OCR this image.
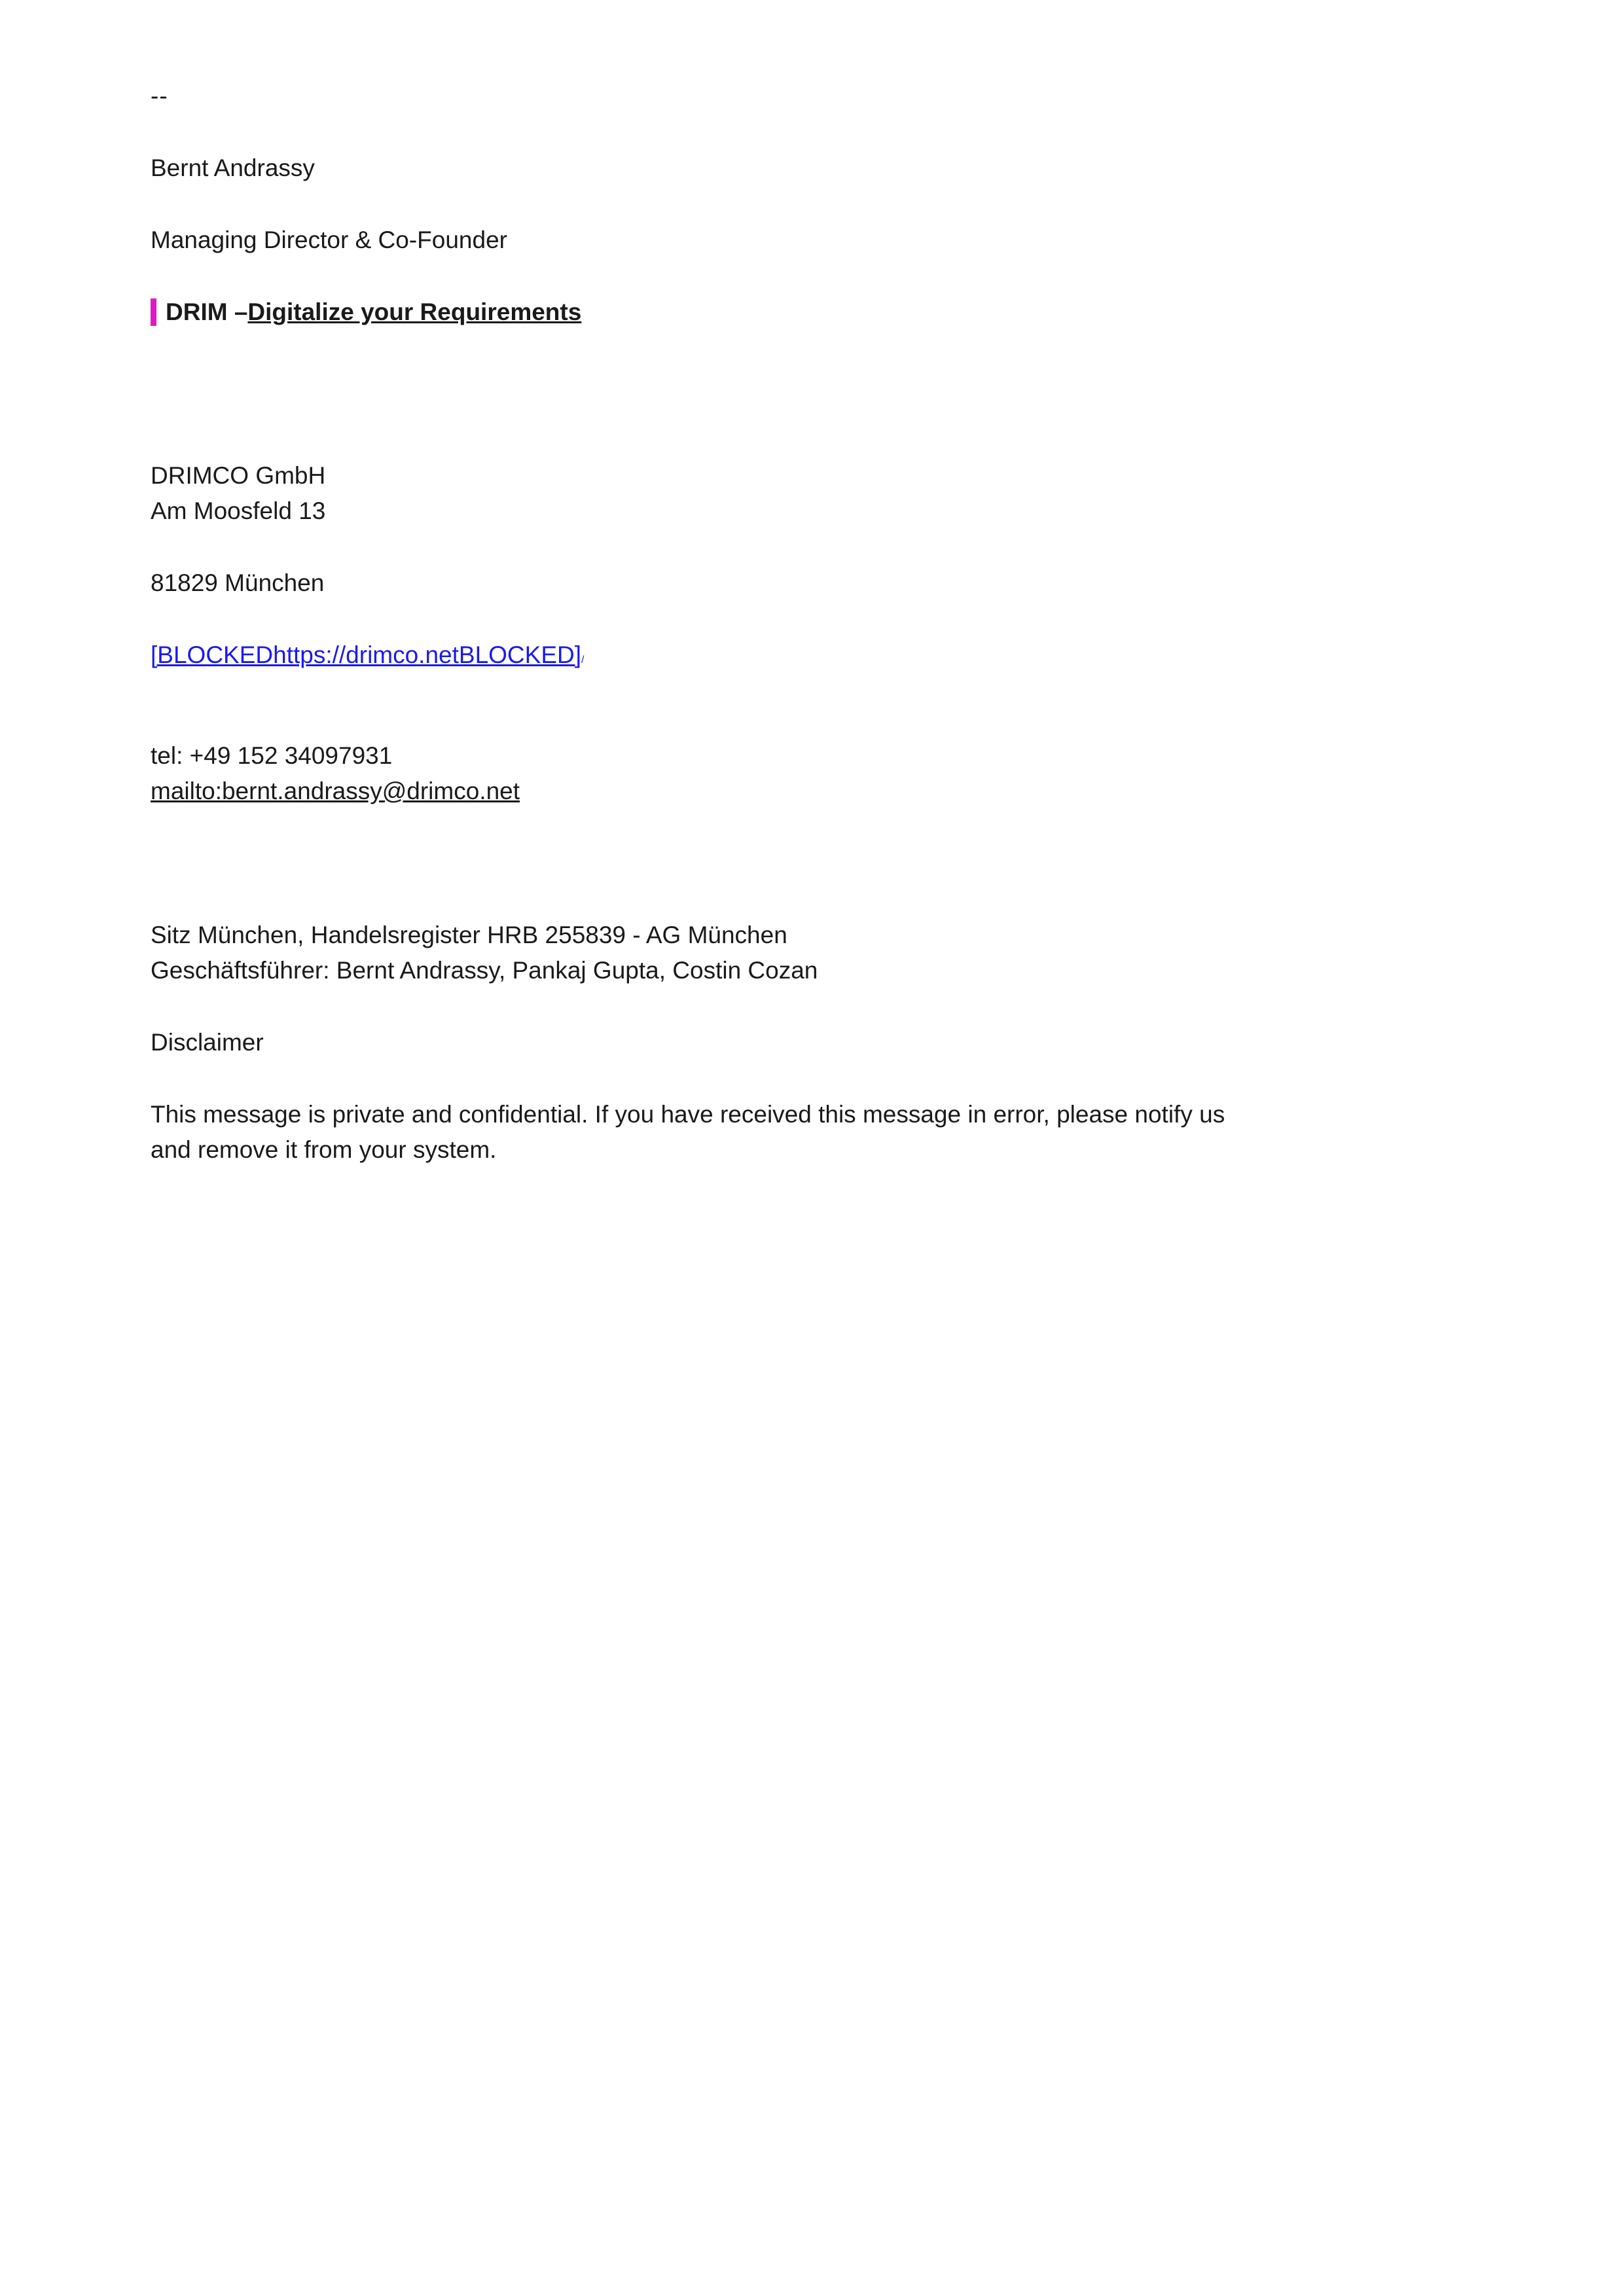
--
Bernt Andrassy
Managing Director & Co-Founder
DRIM – Digitalize your Requirements

DRIMCO GmbH

Am Moosfeld 13

81829 München
[BLOCKEDhttps://drimco.netBLOCKED]/

tel: +49 152 34097931

mailto:bernt.andrassy@drimco.net

Sitz München, Handelsregister HRB 255839 - AG München

Geschäftsführer: Bernt Andrassy, Pankaj Gupta, Costin Cozan

Disclaimer
This message is private and confidential. If you have received this message in error, please notify us and remove it from your system.
